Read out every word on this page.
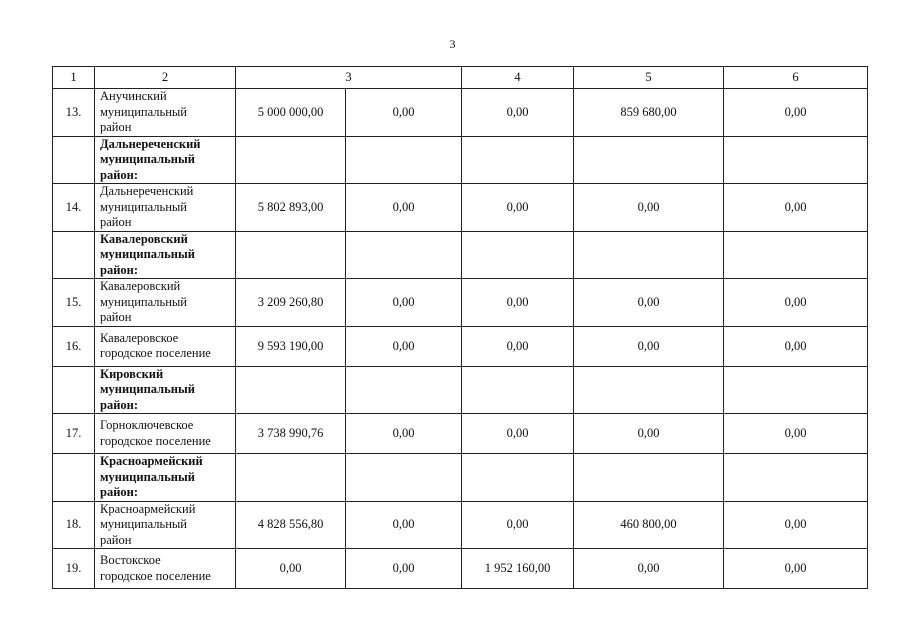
3
1	2	3		4	5	6
13.	Анучинский
муниципальный
район	5 000 000,00	0,00	0,00	859 680,00	0,00

	Дальнереченский
муниципальный
район:					

14.	Дальнереченский
муниципальный
район	5 802 893,00	0,00	0,00	0,00	0,00

	Кавалеровский
муниципальный
район:					

15.	Кавалеровский
муниципальный
район	3 209 260,80	0,00	0,00	0,00	0,00
16.	Кавалеровское
городское поселение	9 593 190,00	0,00	0,00	0,00	0,00

	Кировский
муниципальный
район:					

17.	Горноключевское
городское поселение	3 738 990,76	0,00	0,00	0,00	0,00

	Красноармейский
муниципальный
район:					

18.	Красноармейский
муниципальный
район	4 828 556,80	0,00	0,00	460 800,00	0,00
19.	Востокское
городское поселение	0,00	0,00	1 952 160,00	0,00	0,00
